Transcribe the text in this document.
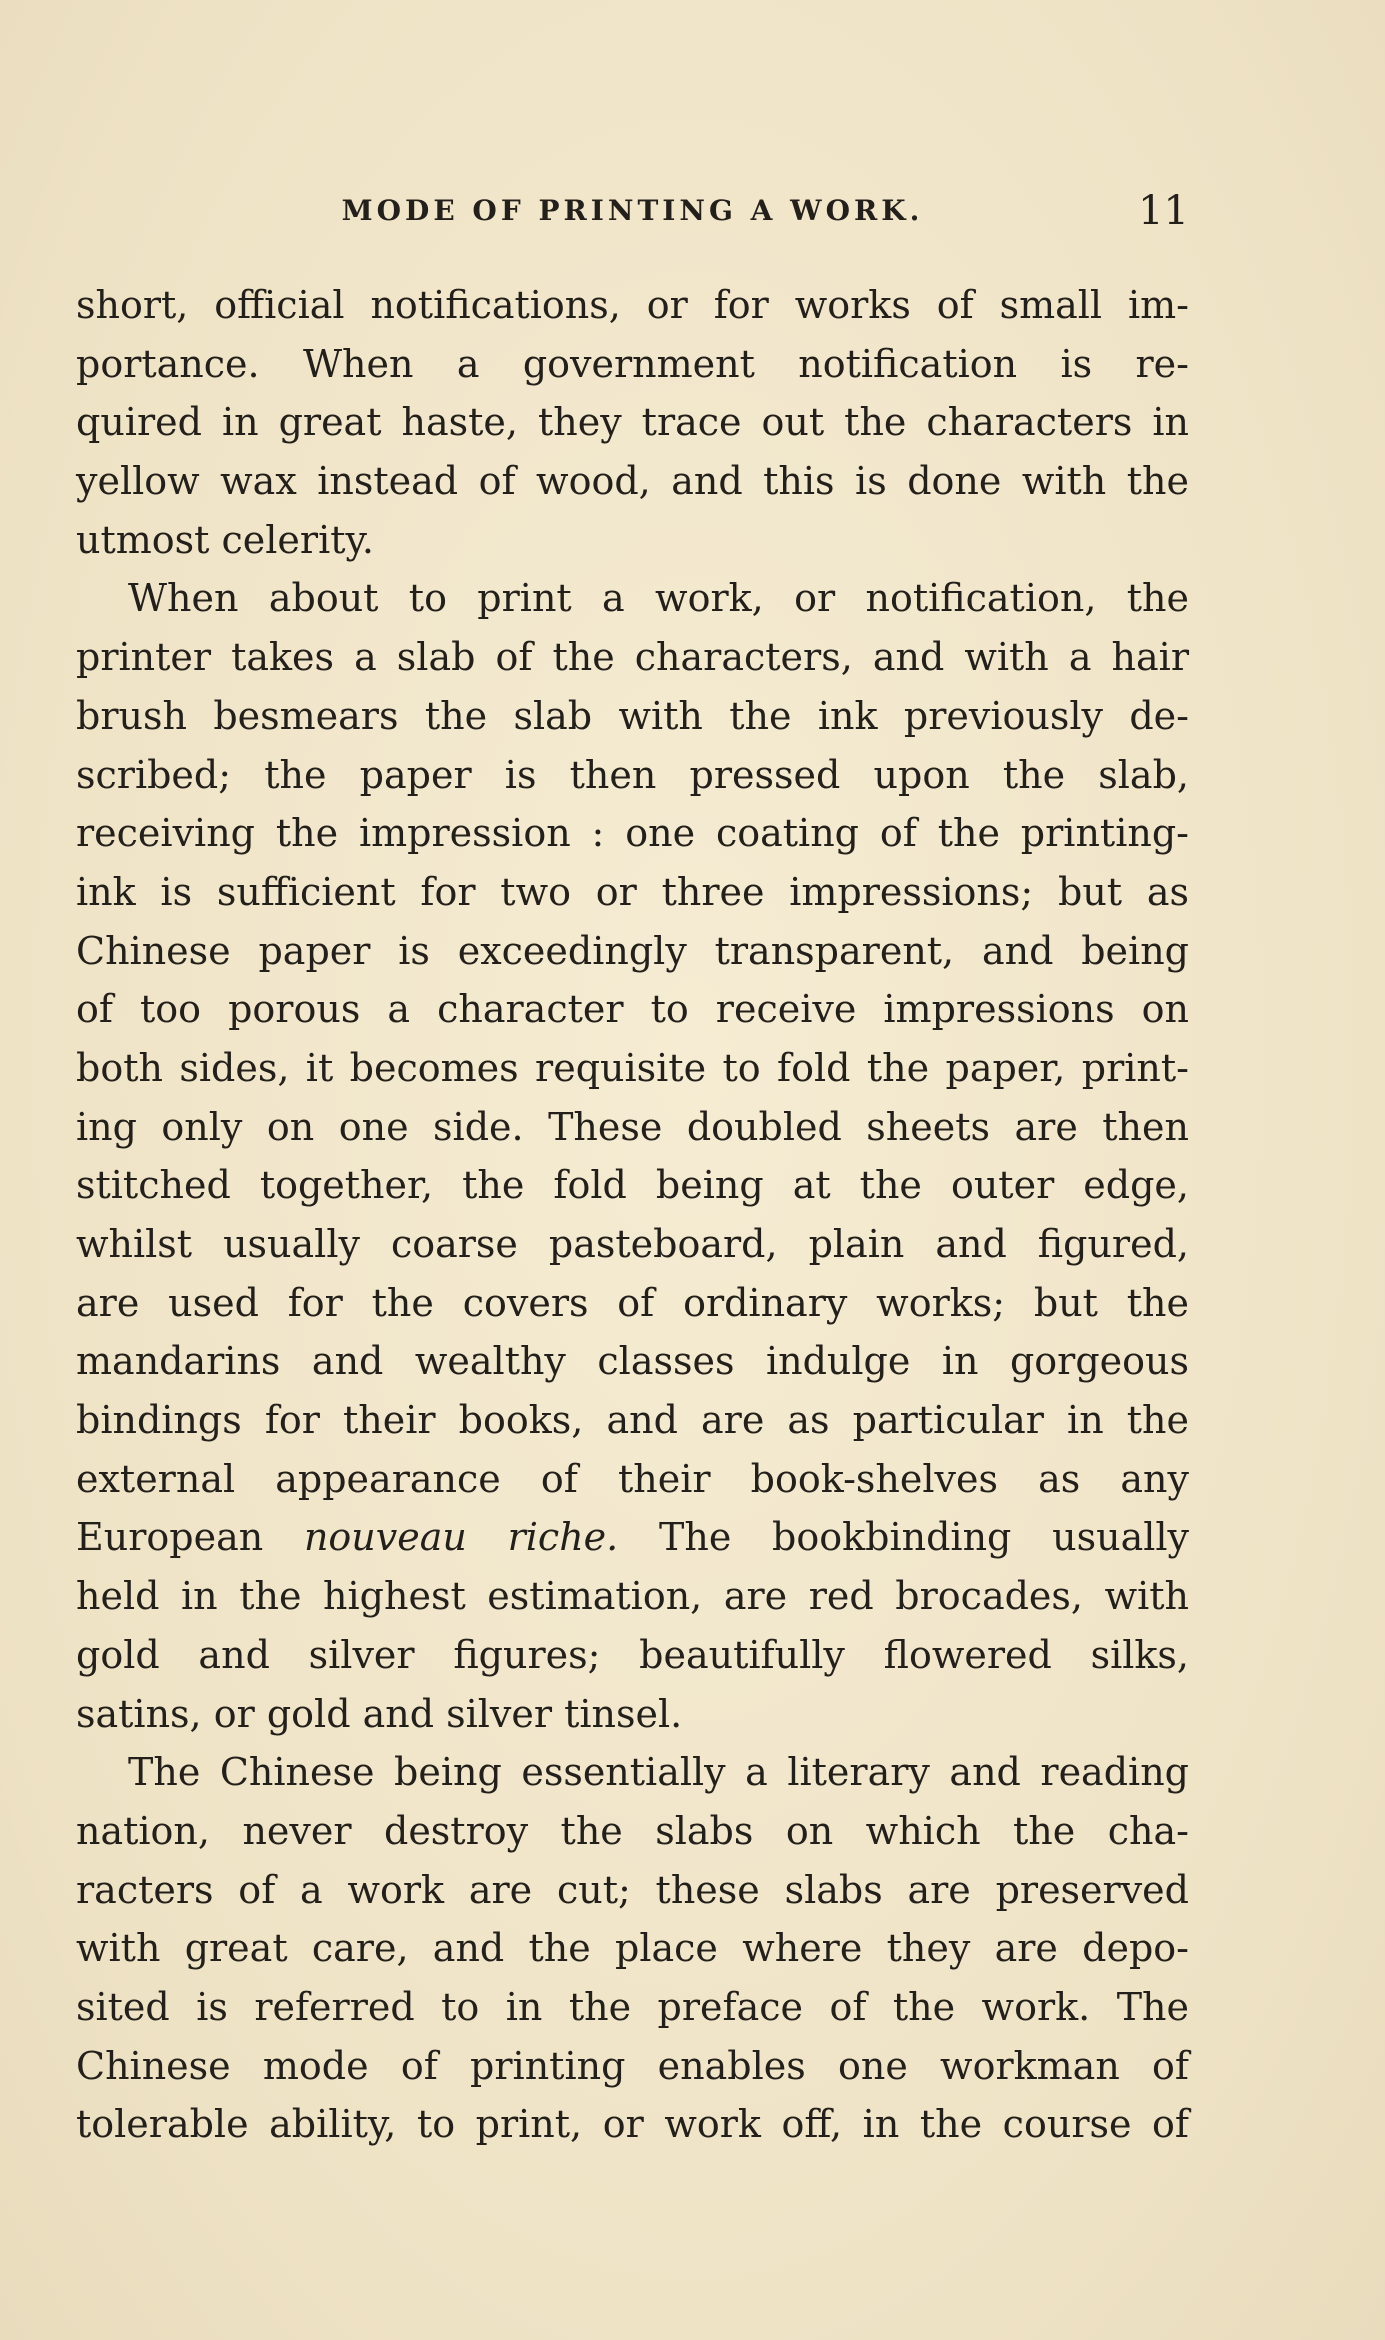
MODE OF PRINTING A WORK.	11
short, official notifications, or for works of small im-
portance. When a government notification is re-
quired in great haste, they trace out the characters in
yellow wax instead of wood, and this is done with the
utmost celerity.
When about to print a work, or notification, the
printer takes a slab of the characters, and with a hair
brush besmears the slab with the ink previously de-
scribed; the paper is then pressed upon the slab,
receiving the impression : one coating of the printing-
ink is sufficient for two or three impressions; but as
Chinese paper is exceedingly transparent, and being
of too porous a character to receive impressions on
both sides, it becomes requisite to fold the paper, print-
ing only on one side. These doubled sheets are then
stitched together, the fold being at the outer edge,
whilst usually coarse pasteboard, plain and figured,
are used for the covers of ordinary works; but the
mandarins and wealthy classes indulge in gorgeous
bindings for their books, and are as particular in the
external appearance of their book-shelves as any
European nouveau riche. The bookbinding usually
held in the highest estimation, are red brocades, with
gold and silver figures; beautifully flowered silks,
satins, or gold and silver tinsel.
The Chinese being essentially a literary and reading
nation, never destroy the slabs on which the cha-
racters of a work are cut; these slabs are preserved
with great care, and the place where they are depo-
sited is referred to in the preface of the work. The
Chinese mode of printing enables one workman of
tolerable ability, to print, or work off, in the course of
